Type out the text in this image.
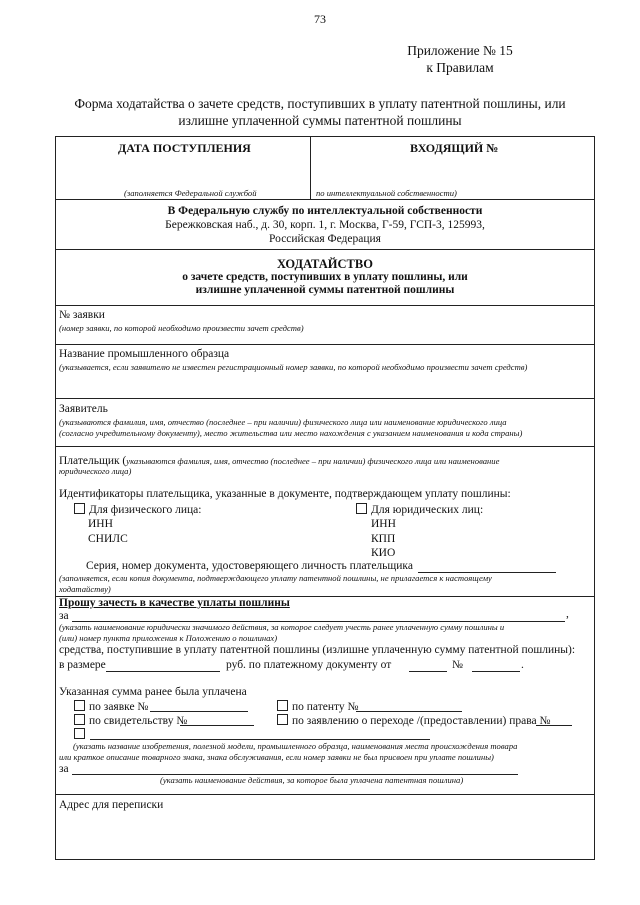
73
Приложение № 15
к Правилам
Форма ходатайства о зачете средств, поступивших в уплату патентной пошлины, или
излишне уплаченной суммы патентной пошлины
ДАТА ПОСТУПЛЕНИЯ	ВХОДЯЩИЙ №
(заполняется Федеральной службой	по интеллектуальной собственности)
В Федеральную службу по интеллектуальной собственности
Бережковская наб., д. 30, корп. 1, г. Москва, Г-59, ГСП-3, 125993,
Российская Федерация
ХОДАТАЙСТВО
о зачете средств, поступивших в уплату пошлины, или
излишне уплаченной суммы патентной пошлины
№ заявки
(номер заявки, по которой необходимо произвести зачет средств)
Название промышленного образца
(указывается, если заявителю не известен регистрационный номер заявки, по которой необходимо произвести зачет средств)
Заявитель
(указываются фамилия, имя, отчество (последнее – при наличии) физического лица или наименование юридического лица
(согласно учредительному документу), место жительства или место нахождения с указанием наименования и кода страны)
Плательщик (указываются фамилия, имя, отчество (последнее – при наличии) физического лица или наименование
юридического лица)
Идентификаторы плательщика, указанные в документе, подтверждающем уплату пошлины:
Для физического лица:
ИНН
СНИЛС
Для юридических лиц:
ИНН
КПП
КИО
Серия, номер документа, удостоверяющего личность плательщика
(заполняется, если копия документа, подтверждающего уплату патентной пошлины, не прилагается к настоящему
ходатайству)
Прошу зачесть в качестве уплаты пошлины
за	,
(указать наименование юридически значимого действия, за которое следует учесть ранее уплаченную сумму пошлины и
(или) номер пункта приложения к Положению о пошлинах)
средства, поступившие в уплату патентной пошлины (излишне уплаченную сумму патентной пошлины):
в размере	руб. по платежному документу от	№	.
Указанная сумма ранее была уплачена
по заявке №	по патенту №
по свидетельству №	по заявлению о переходе /(предоставлении) права №
(указать название изобретения, полезной модели, промышленного образца, наименования места происхождения товара
или краткое описание товарного знака, знака обслуживания, если номер заявки не был присвоен при уплате пошлины)
за
(указать наименование действия, за которое была уплачена патентная пошлина)
Адрес для переписки
